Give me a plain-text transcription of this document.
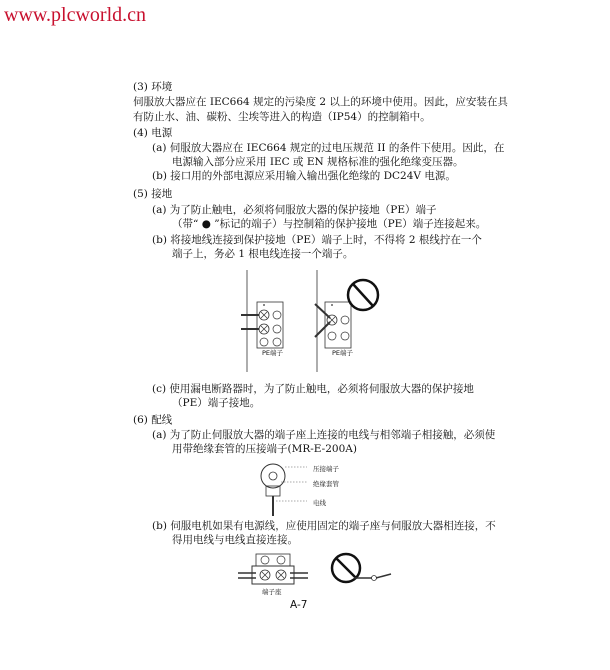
www.plcworld.cn
(3) 环境
伺服放大器应在 IEC664 规定的污染度 2 以上的环境中使用。因此，应安装在具
有防止水、油、碳粉、尘埃等进入的构造（IP54）的控制箱中。
(4) 电源
(a) 伺服放大器应在 IEC664 规定的过电压规范 II 的条件下使用。因此，在
电源输入部分应采用 IEC 或 EN 规格标准的强化绝缘变压器。
(b) 接口用的外部电源应采用输入输出强化绝缘的 DC24V 电源。
(5) 接地
(a) 为了防止触电，必须将伺服放大器的保护接地（PE）端子
（带“ ● ”标记的端子）与控制箱的保护接地（PE）端子连接起来。
(b) 将接地线连接到保护接地（PE）端子上时，不得将 2 根线拧在一个
端子上，务必 1 根电线连接一个端子。
PE端子	PE端子
(c) 使用漏电断路器时，为了防止触电，必须将伺服放大器的保护接地
（PE）端子接地。
(6) 配线
(a) 为了防止伺服放大器的端子座上连接的电线与相邻端子相接触，必须使
用带绝缘套管的压接端子(MR-E-200A)
压接端子
绝缘套管
电线
(b) 伺服电机如果有电源线，应使用固定的端子座与伺服放大器相连接，不
得用电线与电线直接连接。
端子座
A-7
